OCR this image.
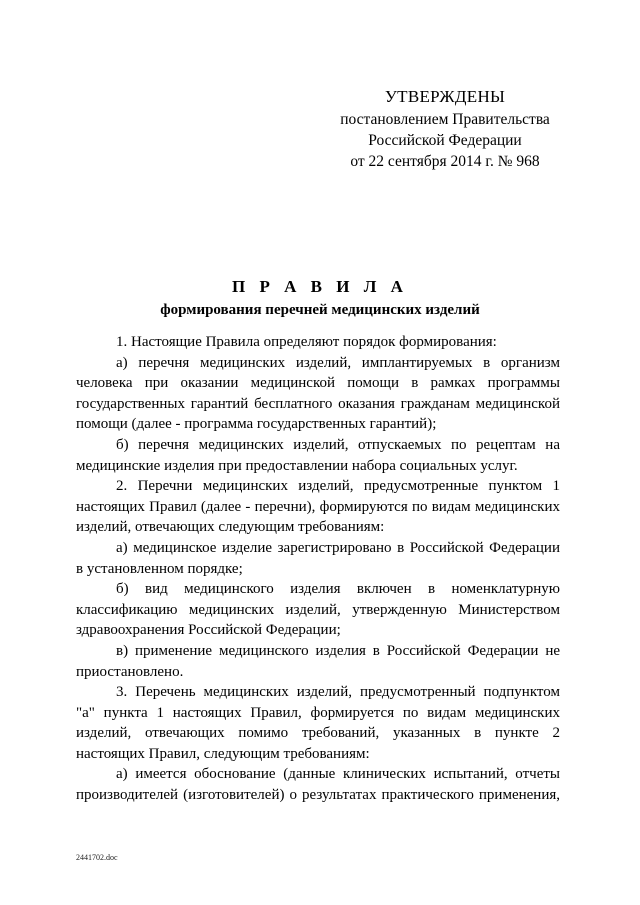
УТВЕРЖДЕНЫ
постановлением Правительства
Российской Федерации
от 22 сентября 2014 г. № 968
П Р А В И Л А
формирования перечней медицинских изделий

1. Настоящие Правила определяют порядок формирования:

а) перечня медицинских изделий, имплантируемых в организм человека при оказании медицинской помощи в рамках программы государственных гарантий бесплатного оказания гражданам медицинской помощи (далее - программа государственных гарантий);

б) перечня медицинских изделий, отпускаемых по рецептам на медицинские изделия при предоставлении набора социальных услуг.

2. Перечни медицинских изделий, предусмотренные пунктом 1 настоящих Правил (далее - перечни), формируются по видам медицинских изделий, отвечающих следующим требованиям:

а) медицинское изделие зарегистрировано в Российской Федерации в установленном порядке;

б) вид медицинского изделия включен в номенклатурную классификацию медицинских изделий, утвержденную Министерством здравоохранения Российской Федерации;

в) применение медицинского изделия в Российской Федерации не приостановлено.

3. Перечень медицинских изделий, предусмотренный подпунктом "а" пункта 1 настоящих Правил, формируется по видам медицинских изделий, отвечающих помимо требований, указанных в пункте 2 настоящих Правил, следующим требованиям:

а) имеется обоснование (данные клинических испытаний, отчеты производителей (изготовителей) о результатах практического применения,

2441702.doc
